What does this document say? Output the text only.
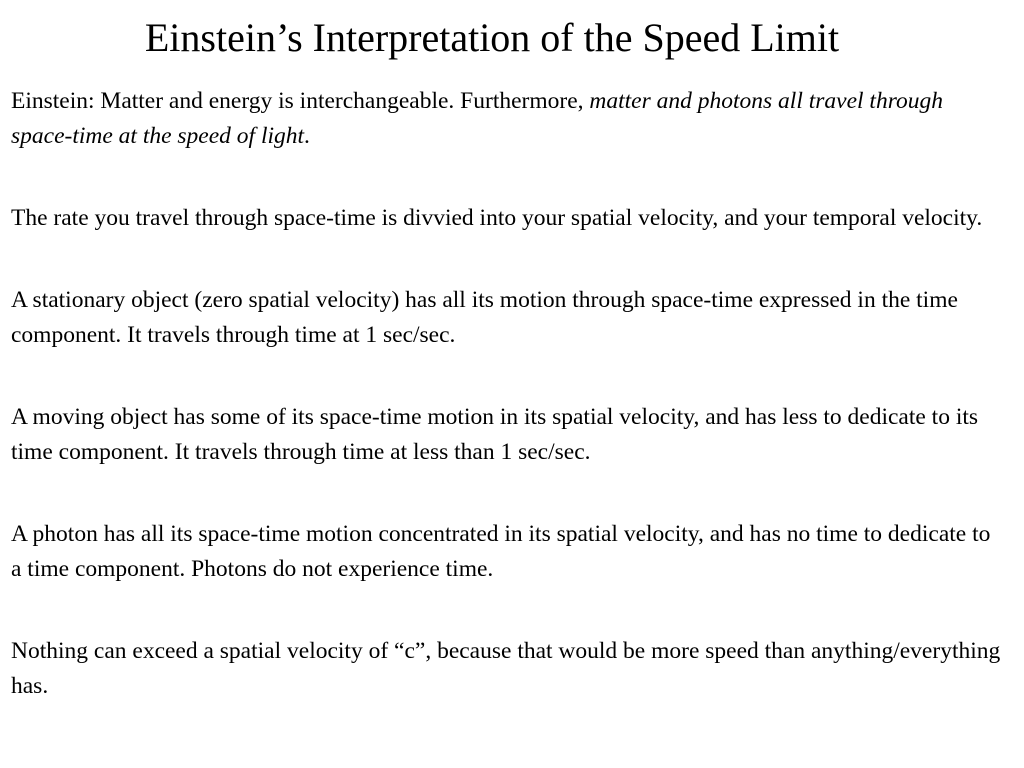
Einstein’s Interpretation of the Speed Limit

Einstein: Matter and energy is interchangeable. Furthermore, matter and photons all travel through space-time at the speed of light.

The rate you travel through space-time is divvied into your spatial velocity, and your temporal velocity.

A stationary object (zero spatial velocity) has all its motion through space-time expressed in the time component. It travels through time at 1 sec/sec.

A moving object has some of its space-time motion in its spatial velocity, and has less to dedicate to its time component. It travels through time at less than 1 sec/sec.

A photon has all its space-time motion concentrated in its spatial velocity, and has no time to dedicate to a time component. Photons do not experience time.

Nothing can exceed a spatial velocity of “c”, because that would be more speed than anything/everything has.
